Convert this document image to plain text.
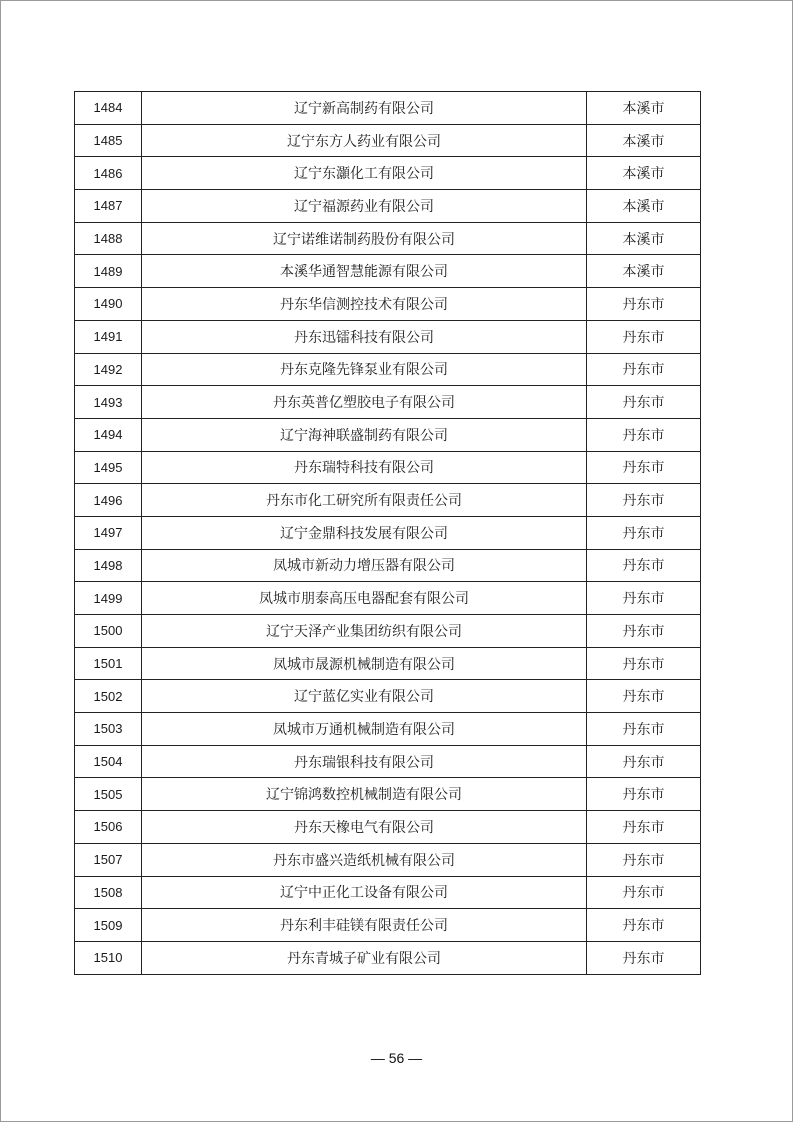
1484	辽宁新高制药有限公司	本溪市
1485	辽宁东方人药业有限公司	本溪市
1486	辽宁东灝化工有限公司	本溪市
1487	辽宁福源药业有限公司	本溪市
1488	辽宁诺维诺制药股份有限公司	本溪市
1489	本溪华通智慧能源有限公司	本溪市
1490	丹东华信测控技术有限公司	丹东市
1491	丹东迅镭科技有限公司	丹东市
1492	丹东克隆先锋泵业有限公司	丹东市
1493	丹东英普亿塑胶电子有限公司	丹东市
1494	辽宁海神联盛制药有限公司	丹东市
1495	丹东瑞特科技有限公司	丹东市
1496	丹东市化工研究所有限责任公司	丹东市
1497	辽宁金鼎科技发展有限公司	丹东市
1498	凤城市新动力增压器有限公司	丹东市
1499	凤城市朋泰高压电器配套有限公司	丹东市
1500	辽宁天泽产业集团纺织有限公司	丹东市
1501	凤城市晟源机械制造有限公司	丹东市
1502	辽宁蓝亿实业有限公司	丹东市
1503	凤城市万通机械制造有限公司	丹东市
1504	丹东瑞银科技有限公司	丹东市
1505	辽宁锦鸿数控机械制造有限公司	丹东市
1506	丹东天橡电气有限公司	丹东市
1507	丹东市盛兴造纸机械有限公司	丹东市
1508	辽宁中正化工设备有限公司	丹东市
1509	丹东利丰硅镁有限责任公司	丹东市
1510	丹东青城子矿业有限公司	丹东市
— 56 —
